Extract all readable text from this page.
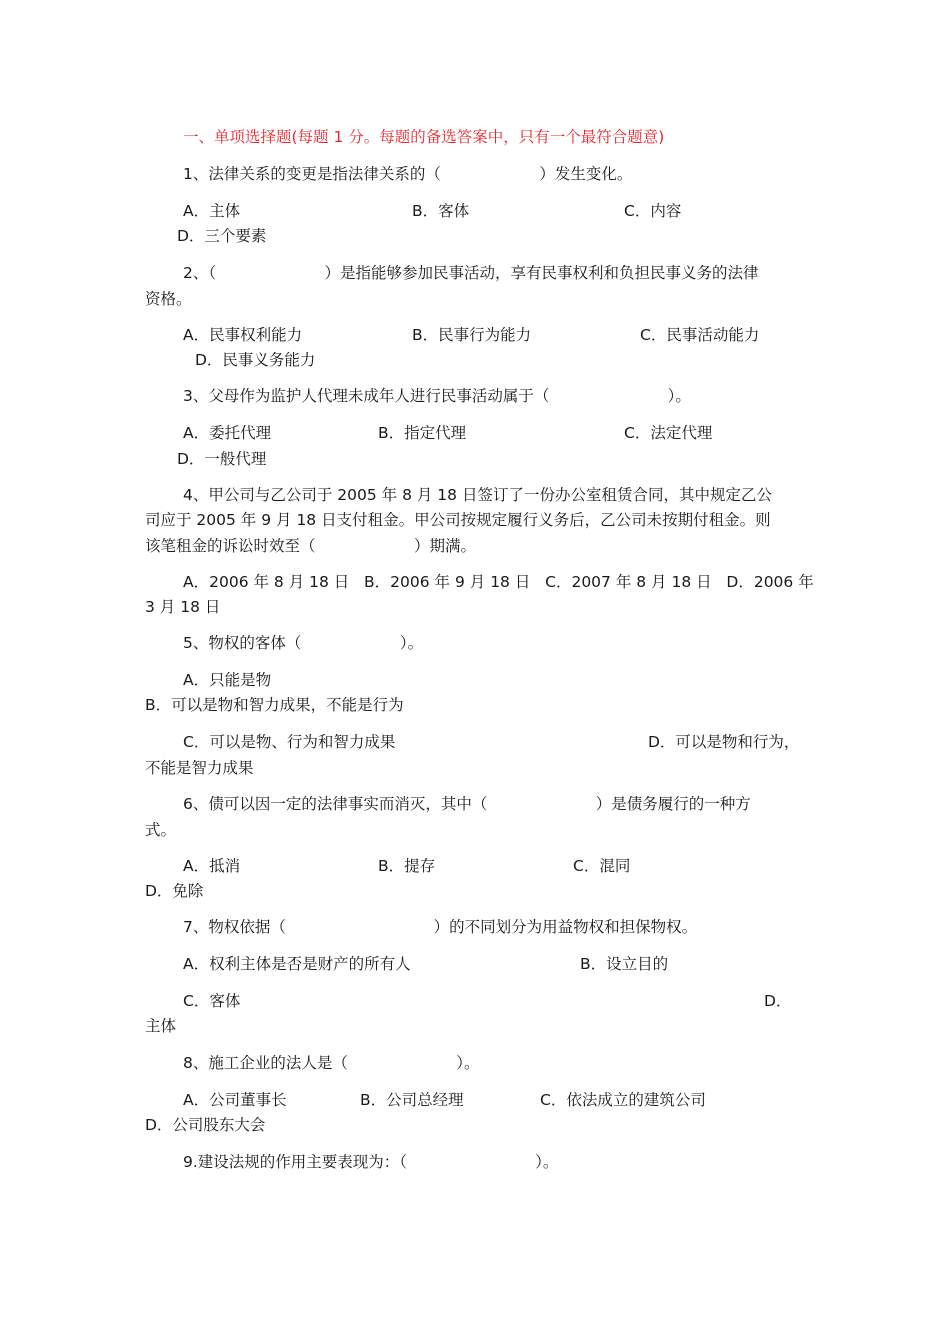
一、单项选择题(每题 1 分。每题的备选答案中，只有一个最符合题意)
1、法律关系的变更是指法律关系的（                    ）发生变化。
A．主体	B．客体	C．内容
D．三个要素
2、（                      ）是指能够参加民事活动，享有民事权利和负担民事义务的法律
资格。
A．民事权利能力	B．民事行为能力	C．民事活动能力
D．民事义务能力
3、父母作为监护人代理未成年人进行民事活动属于（                        ）。
A．委托代理	B．指定代理	C．法定代理
D．一般代理
4、甲公司与乙公司于 2005 年 8 月 18 日签订了一份办公室租赁合同，其中规定乙公
司应于 2005 年 9 月 18 日支付租金。甲公司按规定履行义务后，乙公司未按期付租金。则
该笔租金的诉讼时效至（                    ）期满。
A．2006 年 8 月 18 日   B．2006 年 9 月 18 日   C．2007 年 8 月 18 日   D．2006 年
3 月 18 日
5、物权的客体（                    ）。
A．只能是物
B．可以是物和智力成果，不能是行为
C．可以是物、行为和智力成果	D．可以是物和行为，
不能是智力成果
6、债可以因一定的法律事实而消灭，其中（                      ）是债务履行的一种方
式。
A．抵消	B．提存	C．混同
D．免除
7、物权依据（                              ）的不同划分为用益物权和担保物权。
A．权利主体是否是财产的所有人	B．设立目的
C．客体	D．
主体
8、施工企业的法人是（                      ）。
A．公司董事长	B．公司总经理	C．依法成立的建筑公司
D．公司股东大会
9.建设法规的作用主要表现为：（                          ）。
